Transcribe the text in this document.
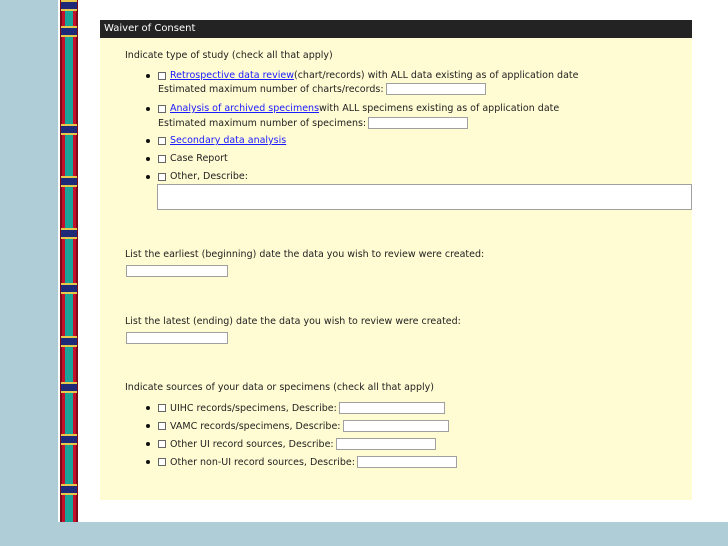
Waiver of Consent
Indicate type of study (check all that apply)
Retrospective data review (chart/records) with ALL data existing as of application date
Estimated maximum number of charts/records:
Analysis of archived specimens with ALL specimens existing as of application date
Estimated maximum number of specimens:
Secondary data analysis
Case Report
Other, Describe:
List the earliest (beginning) date the data you wish to review were created:
List the latest (ending) date the data you wish to review were created:
Indicate sources of your data or specimens (check all that apply)
UIHC records/specimens, Describe:
VAMC records/specimens, Describe:
Other UI record sources, Describe:
Other non-UI record sources, Describe:
